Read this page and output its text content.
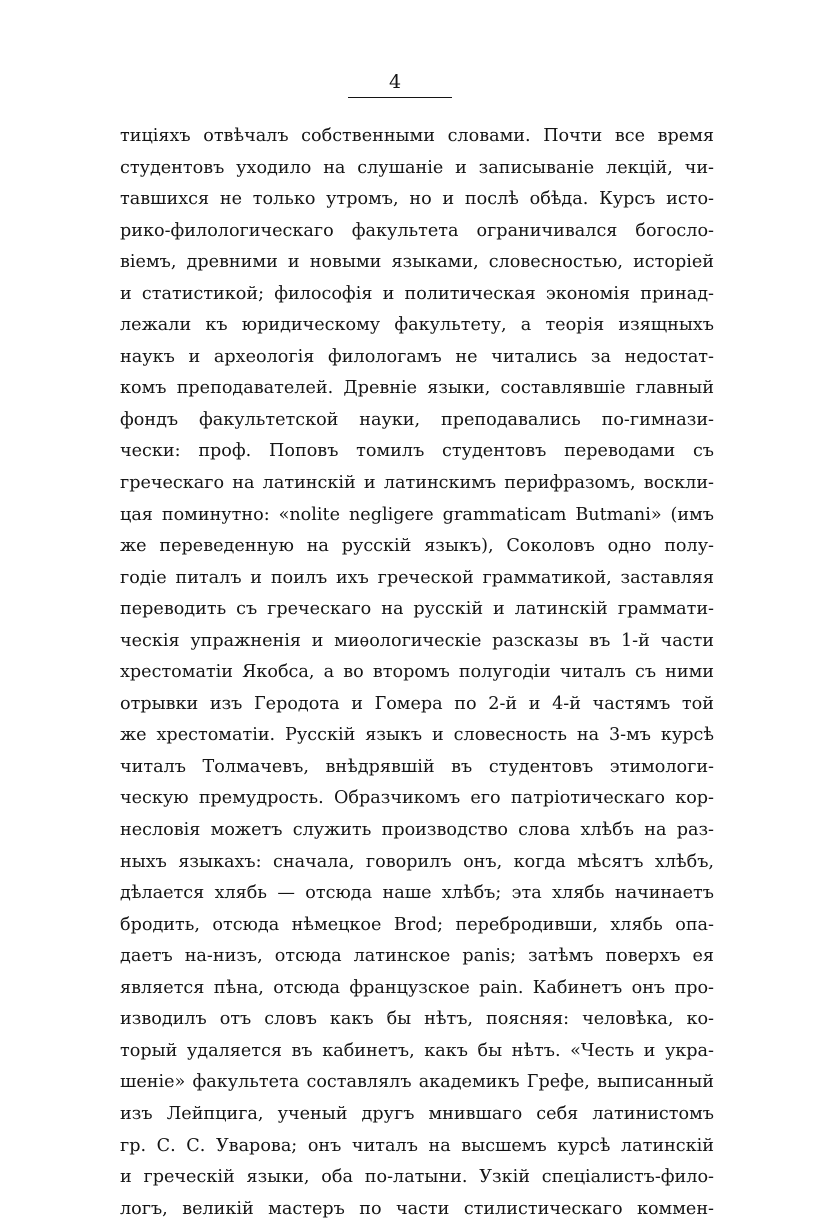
4
тицiяхъ отвѣчалъ собственными словами. Почти все время
студентовъ уходило на слушанiе и записыванiе лекцiй, чи-
тавшихся не только утромъ, но и послѣ обѣда. Курсъ исто-
рико-филологическаго факультета ограничивался богосло-
вiемъ, древними и новыми языками, словесностью, исторiей
и статистикой; философiя и политическая экономiя принад-
лежали къ юридическому факультету, а теорiя изящныхъ
наукъ и археологiя филологамъ не читались за недостат-
комъ преподавателей. Древнiе языки, составлявшiе главный
фондъ факультетской науки, преподавались по-гимнази-
чески: проф. Поповъ томилъ студентовъ переводами съ
греческаго на латинскiй и латинскимъ перифразомъ, воскли-
цая поминутно: «nolite negligere grammaticam Butmani» (имъ
же переведенную на русскiй языкъ), Соколовъ одно полу-
годiе питалъ и поилъ ихъ греческой грамматикой, заставляя
переводить съ греческаго на русскiй и латинскiй граммати-
ческiя упражненiя и миѳологическiе разсказы въ 1-й части
хрестоматiи Якобса, а во второмъ полугодiи читалъ съ ними
отрывки изъ Геродота и Гомера по 2-й и 4-й частямъ той
же хрестоматiи. Русскiй языкъ и словесность на 3-мъ курсѣ
читалъ Толмачевъ, внѣдрявшiй въ студентовъ этимологи-
ческую премудрость. Образчикомъ его патрiотическаго кор-
несловiя можетъ служить производство слова хлѣбъ на раз-
ныхъ языкахъ: сначала, говорилъ онъ, когда мѣсятъ хлѣбъ,
дѣлается хлябь — отсюда наше хлѣбъ; эта хлябь начинаетъ
бродить, отсюда нѣмецкое Brod; перебродивши, хлябь опа-
даетъ на-низъ, отсюда латинское panis; затѣмъ поверхъ ея
является пѣна, отсюда французское pain. Кабинетъ онъ про-
изводилъ отъ словъ какъ бы нѣтъ, поясняя: человѣка, ко-
торый удаляется въ кабинетъ, какъ бы нѣтъ. «Честь и укра-
шенiе» факультета составлялъ академикъ Грефе, выписанный
изъ Лейпцига, ученый другъ мнившаго себя латинистомъ
гр. С. С. Уварова; онъ читалъ на высшемъ курсѣ латинскiй
и греческiй языки, оба по-латыни. Узкiй спецiалистъ-фило-
логъ, великiй мастеръ по части стилистическаго коммен-
